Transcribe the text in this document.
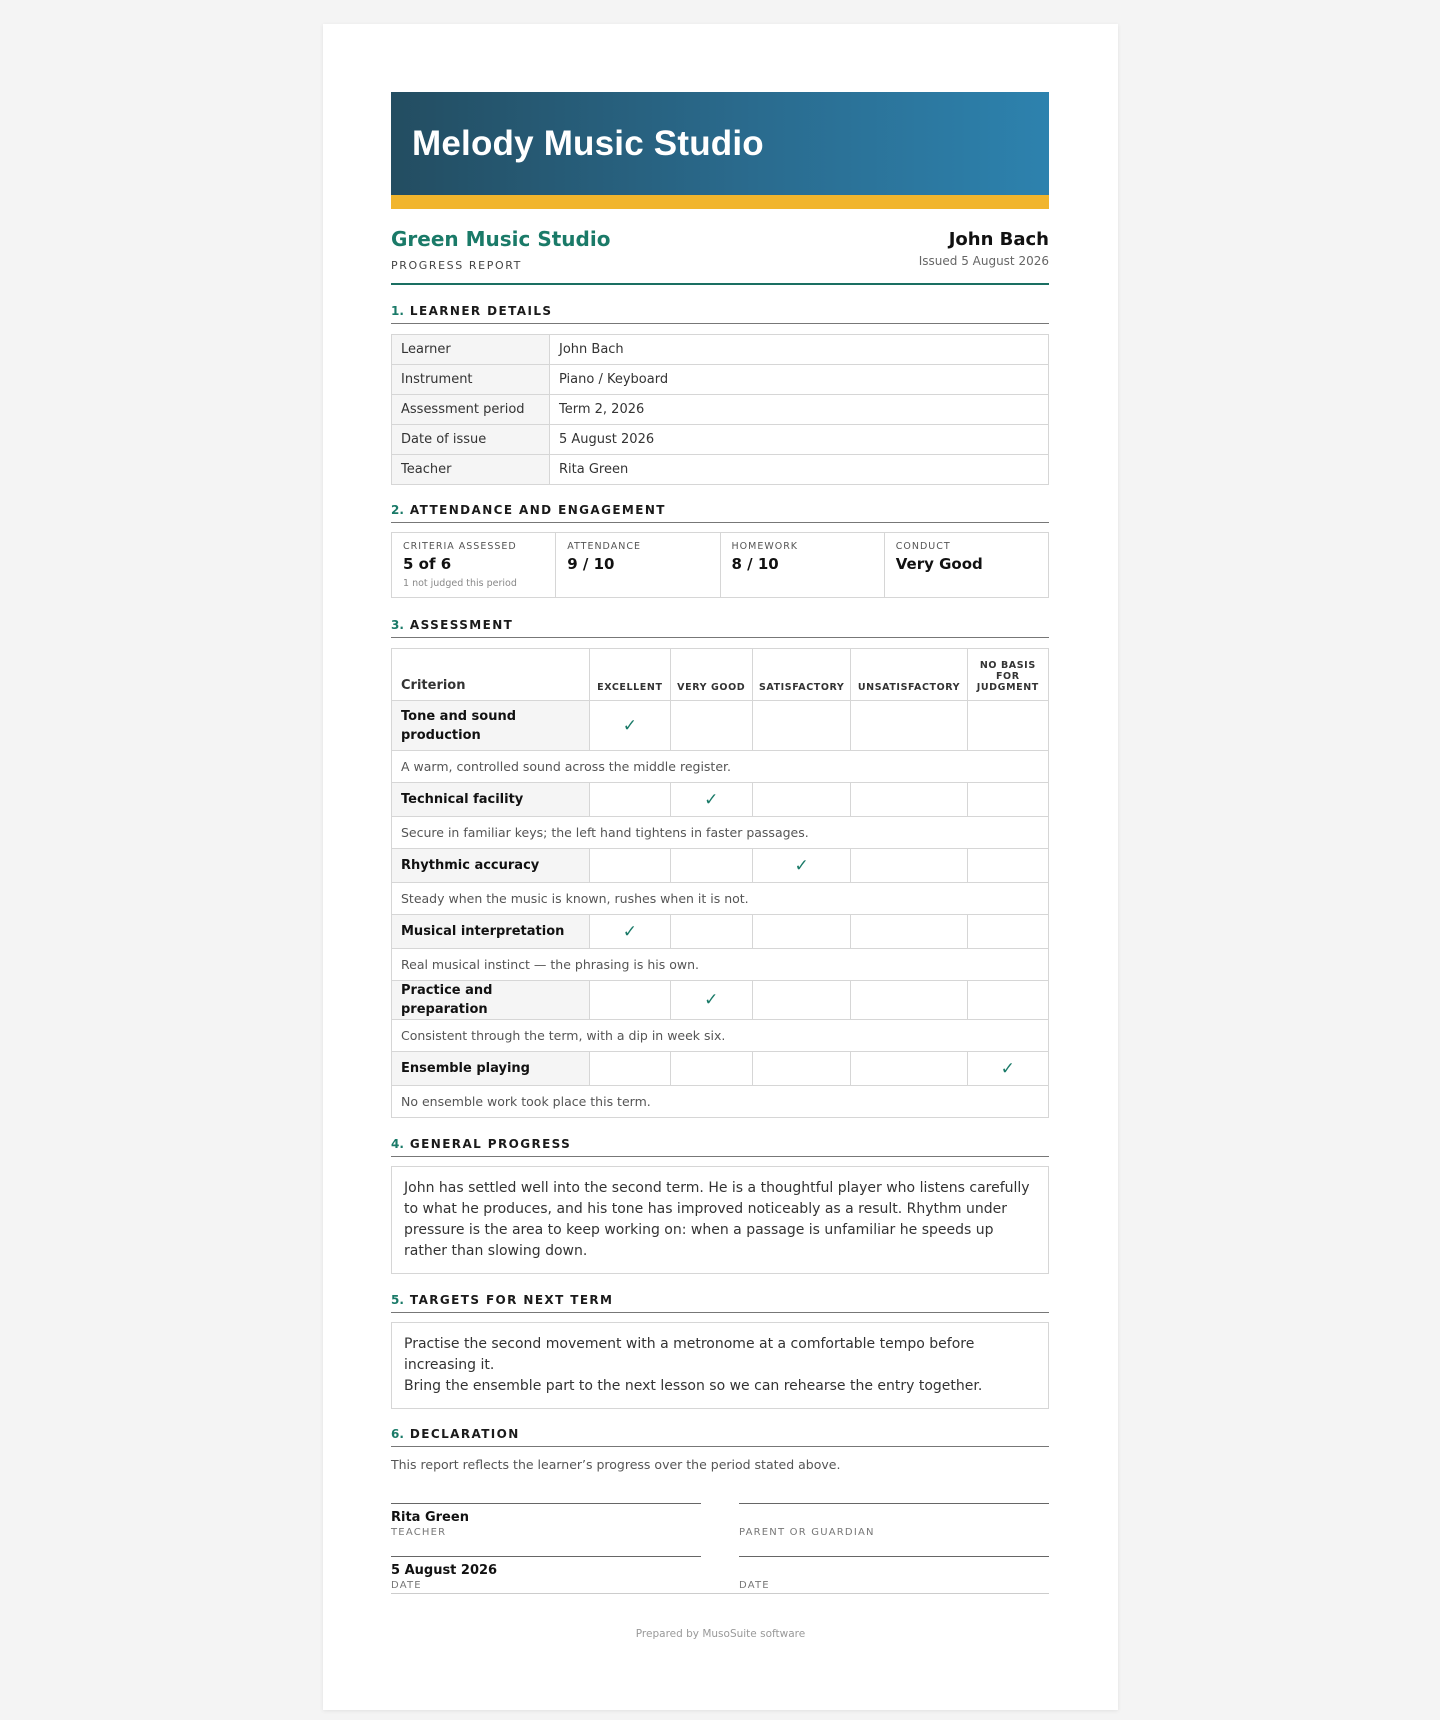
Melody Music Studio
Green Music Studio
PROGRESS REPORT
John Bach
Issued 5 August 2026
1. LEARNER DETAILS
Learner	John Bach
Instrument	Piano / Keyboard
Assessment period	Term 2, 2026
Date of issue	5 August 2026
Teacher	Rita Green
2. ATTENDANCE AND ENGAGEMENT
CRITERIA ASSESSED
5 of 6
1 not judged this period
ATTENDANCE
9 / 10
HOMEWORK
8 / 10
CONDUCT
Very Good
3. ASSESSMENT
Criterion	EXCELLENT	VERY GOOD	SATISFACTORY	UNSATISFACTORY	NO BASIS FOR JUDGMENT
Tone and sound production	✓				
A warm, controlled sound across the middle register.					
Technical facility		✓			
Secure in familiar keys; the left hand tightens in faster passages.					
Rhythmic accuracy			✓		
Steady when the music is known, rushes when it is not.					
Musical interpretation	✓				
Real musical instinct — the phrasing is his own.					
Practice and preparation		✓			
Consistent through the term, with a dip in week six.					
Ensemble playing					✓
No ensemble work took place this term.					
4. GENERAL PROGRESS
John has settled well into the second term. He is a thoughtful player who listens carefully to what he produces, and his tone has improved noticeably as a result. Rhythm under pressure is the area to keep working on: when a passage is unfamiliar he speeds up rather than slowing down.
5. TARGETS FOR NEXT TERM
Practise the second movement with a metronome at a comfortable tempo before increasing it.
Bring the ensemble part to the next lesson so we can rehearse the entry together.
6. DECLARATION
This report reflects the learner’s progress over the period stated above.
Rita Green
TEACHER	PARENT OR GUARDIAN
5 August 2026
DATE	DATE
Prepared by MusoSuite software
